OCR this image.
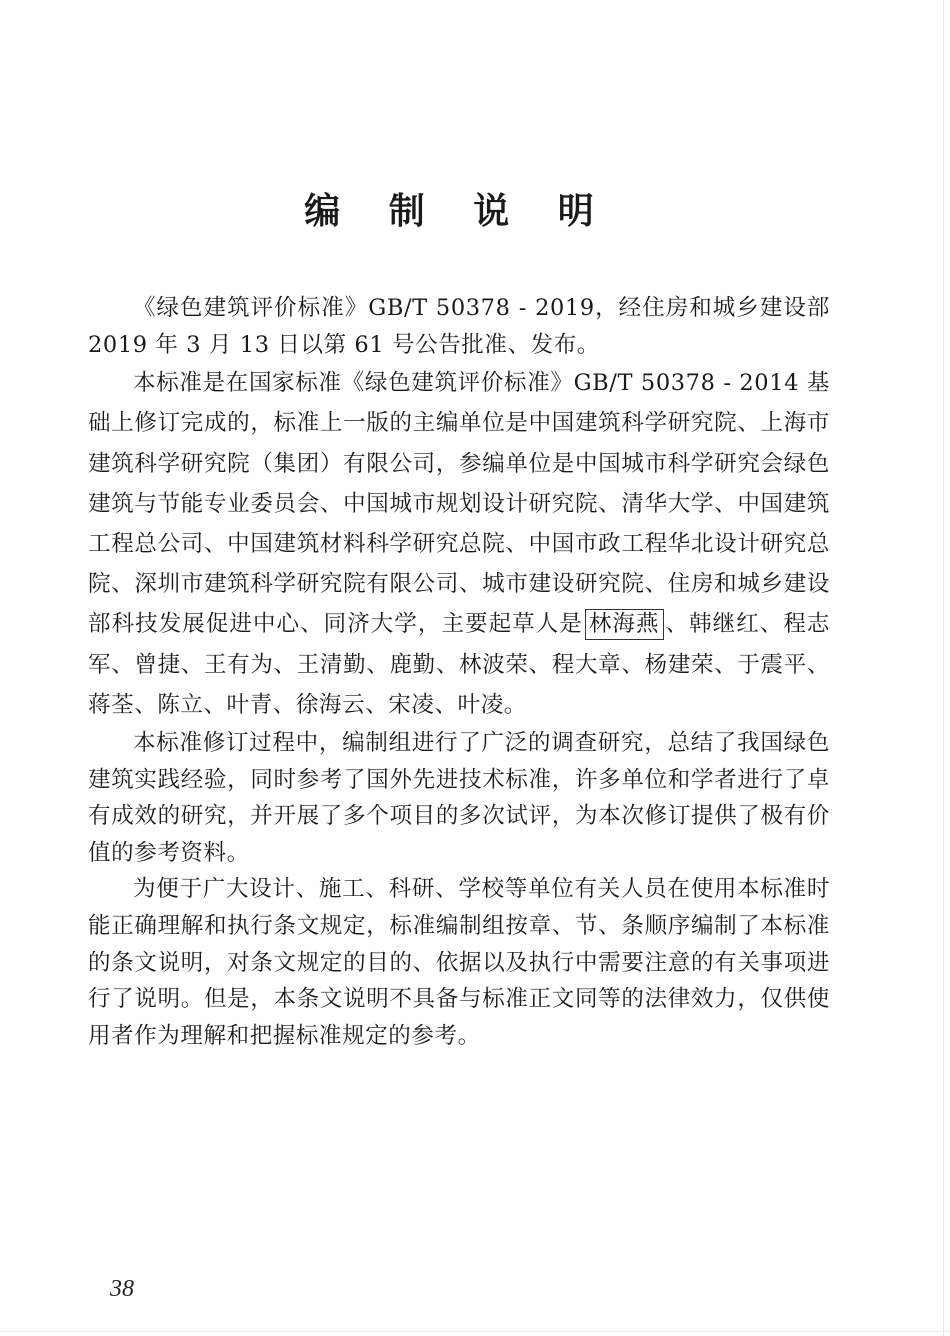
编 制 说 明

《绿色建筑评价标准》GB/T 50378 - 2019，经住房和城乡建设部 2019 年 3 月 13 日以第 61 号公告批准、发布。

本标准是在国家标准《绿色建筑评价标准》GB/T 50378 - 2014 基础上修订完成的，标准上一版的主编单位是中国建筑科学研究院、上海市建筑科学研究院（集团）有限公司，参编单位是中国城市科学研究会绿色建筑与节能专业委员会、中国城市规划设计研究院、清华大学、中国建筑工程总公司、中国建筑材料科学研究总院、中国市政工程华北设计研究总院、深圳市建筑科学研究院有限公司、城市建设研究院、住房和城乡建设部科技发展促进中心、同济大学，主要起草人是 林海燕 、韩继红、程志军、曾捷、王有为、王清勤、鹿勤、林波荣、程大章、杨建荣、于震平、蒋荃、陈立、叶青、徐海云、宋凌、叶凌。

本标准修订过程中，编制组进行了广泛的调查研究，总结了我国绿色建筑实践经验，同时参考了国外先进技术标准，许多单位和学者进行了卓有成效的研究，并开展了多个项目的多次试评，为本次修订提供了极有价值的参考资料。

为便于广大设计、施工、科研、学校等单位有关人员在使用本标准时能正确理解和执行条文规定，标准编制组按章、节、条顺序编制了本标准的条文说明，对条文规定的目的、依据以及执行中需要注意的有关事项进行了说明。但是，本条文说明不具备与标准正文同等的法律效力，仅供使用者作为理解和把握标准规定的参考。

38
